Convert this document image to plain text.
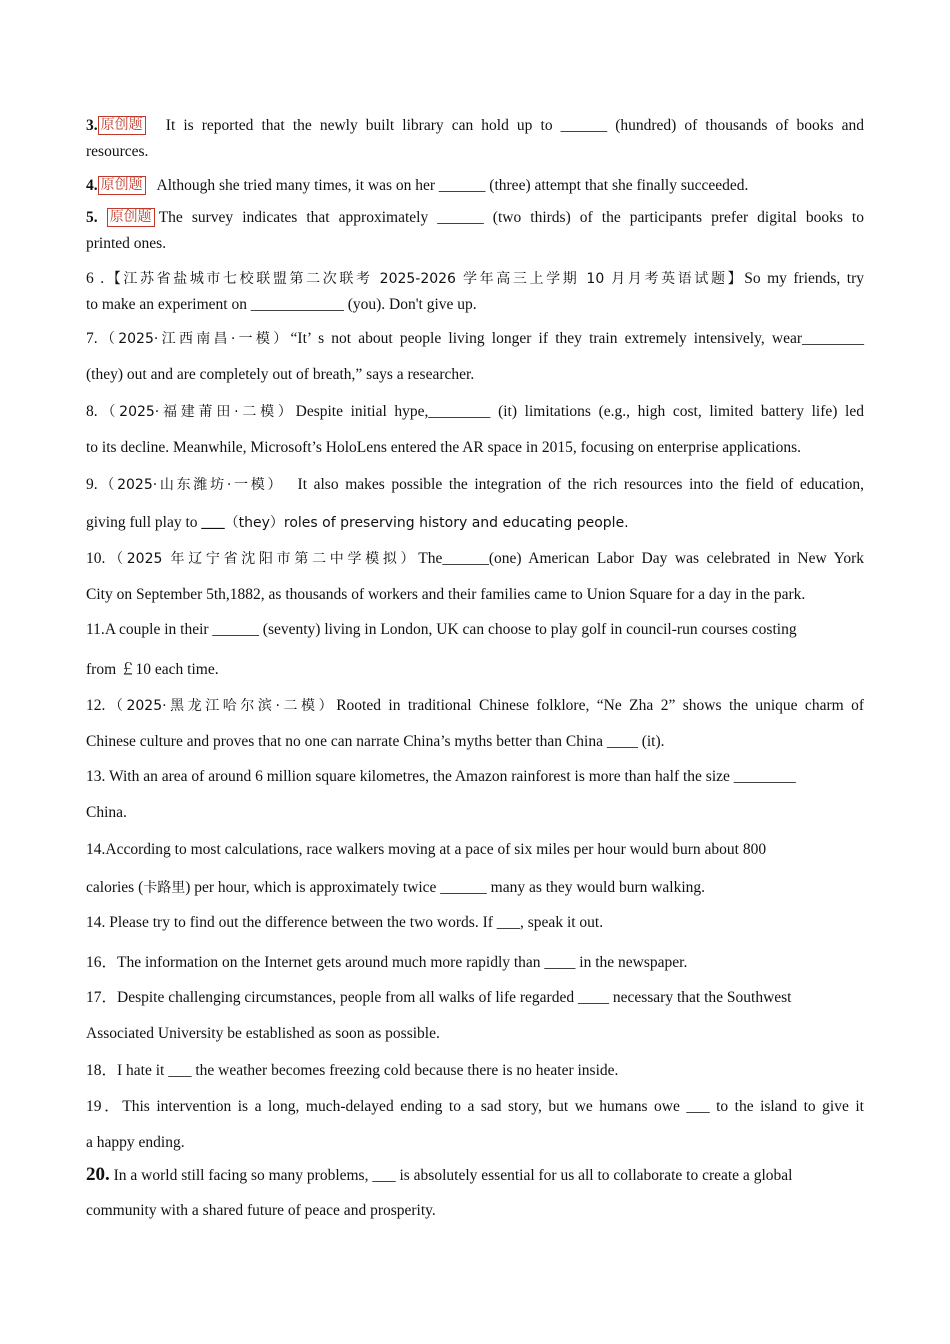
3. 原创题 It is reported that the newly built library can hold up to ______ (hundred) of thousands of books and
resources.
4. 原创题 Although she tried many times, it was on her ______ (three) attempt that she finally succeeded.
5. 原创题 The survey indicates that approximately ______ (two thirds) of the participants prefer digital books to
printed ones.
6 .【江苏省盐城市七校联盟第二次联考 2025-2026 学年高三上学期 10 月月考英语试题】So my friends, try
to make an experiment on ____________ (you). Don't give up.
7.（2025·江西南昌·一模）“It’ s not about people living longer if they train extremely intensively, wear________
(they) out and are completely out of breath,” says a researcher.
8.（2025·福建莆田·二模）Despite initial hype,________ (it) limitations (e.g., high cost, limited battery life) led
to its decline. Meanwhile, Microsoft’s HoloLens entered the AR space in 2015, focusing on enterprise applications.
9.（2025·山东潍坊·一模） It also makes possible the integration of the rich resources into the field of education,
giving full play to ___（they）roles of preserving history and educating people.
10.（2025 年辽宁省沈阳市第二中学模拟）The______(one) American Labor Day was celebrated in New York
City on September 5th,1882, as thousands of workers and their families came to Union Square for a day in the park.
11.A couple in their ______ (seventy) living in London, UK can choose to play golf in council-run courses costing
from ￡10 each time.
12.（2025·黑龙江哈尔滨·二模）Rooted in traditional Chinese folklore, “Ne Zha 2” shows the unique charm of
Chinese culture and proves that no one can narrate China’s myths better than China ____ (it).
13. With an area of around 6 million square kilometres, the Amazon rainforest is more than half the size ________
China.
14.According to most calculations, race walkers moving at a pace of six miles per hour would burn about 800
calories (卡路里) per hour, which is approximately twice ______ many as they would burn walking.
14. Please try to find out the difference between the two words. If ___, speak it out.
16．The information on the Internet gets around much more rapidly than ____ in the newspaper.
17．Despite challenging circumstances, people from all walks of life regarded ____ necessary that the Southwest
Associated University be established as soon as possible.
18．I hate it ___ the weather becomes freezing cold because there is no heater inside.
19．This intervention is a long, much-delayed ending to a sad story, but we humans owe ___ to the island to give it
a happy ending.
20. In a world still facing so many problems, ___ is absolutely essential for us all to collaborate to create a global
community with a shared future of peace and prosperity.
